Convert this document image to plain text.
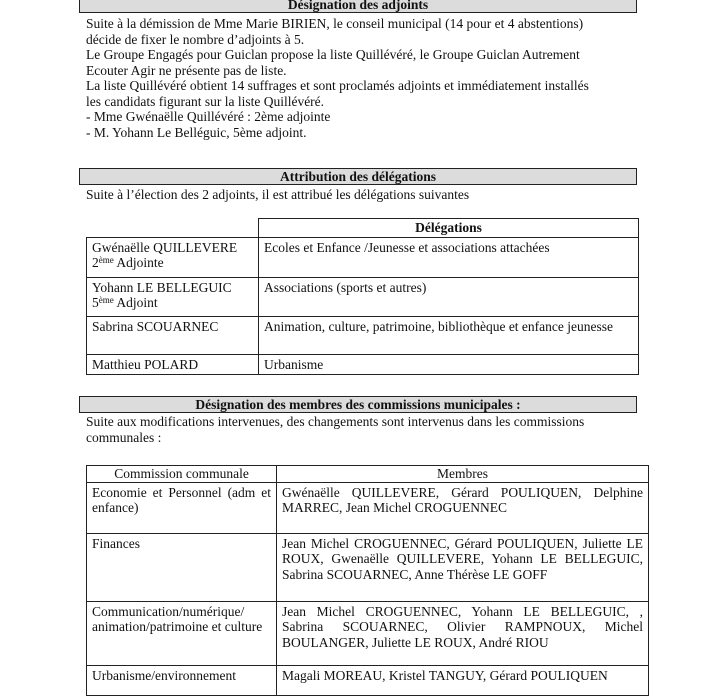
Désignation des adjoints
Suite à la démission de Mme Marie BIRIEN, le conseil municipal (14 pour et 4 abstentions)
décide de fixer le nombre d’adjoints à 5.
Le Groupe Engagés pour Guiclan propose la liste Quillévéré, le Groupe Guiclan Autrement
Ecouter Agir ne présente pas de liste.
La liste Quillévéré obtient 14 suffrages et sont proclamés adjoints et immédiatement installés
les candidats figurant sur la liste Quillévéré.
- Mme Gwénaëlle Quillévéré : 2ème adjointe
- M. Yohann Le Belléguic, 5ème adjoint.
Attribution des délégations
Suite à l’élection des 2 adjoints, il est attribué les délégations suivantes
	Délégations

Gwénaëlle QUILLEVERE
2ème Adjointe	Ecoles et Enfance /Jeunesse et associations attachées

Yohann LE BELLEGUIC
5ème Adjoint	Associations (sports et autres)
Sabrina SCOUARNEC	Animation, culture, patrimoine, bibliothèque et enfance jeunesse
Matthieu POLARD	Urbanisme
Désignation des membres des commissions municipales :
Suite aux modifications intervenues, des changements sont intervenus dans les commissions
communales :
Commission communale	Membres
Economie et Personnel (adm et enfance)	Gwénaëlle QUILLEVERE, Gérard POULIQUEN, Delphine MARREC, Jean Michel CROGUENNEC
Finances	Jean Michel CROGUENNEC, Gérard POULIQUEN, Juliette LE ROUX, Gwenaëlle QUILLEVERE, Yohann LE BELLEGUIC, Sabrina SCOUARNEC, Anne Thérèse LE GOFF
Communication/numérique/ animation/patrimoine et culture	Jean Michel CROGUENNEC, Yohann LE BELLEGUIC, , Sabrina SCOUARNEC, Olivier RAMPNOUX, Michel BOULANGER, Juliette LE ROUX, André RIOU
Urbanisme/environnement	Magali MOREAU, Kristel TANGUY, Gérard POULIQUEN
